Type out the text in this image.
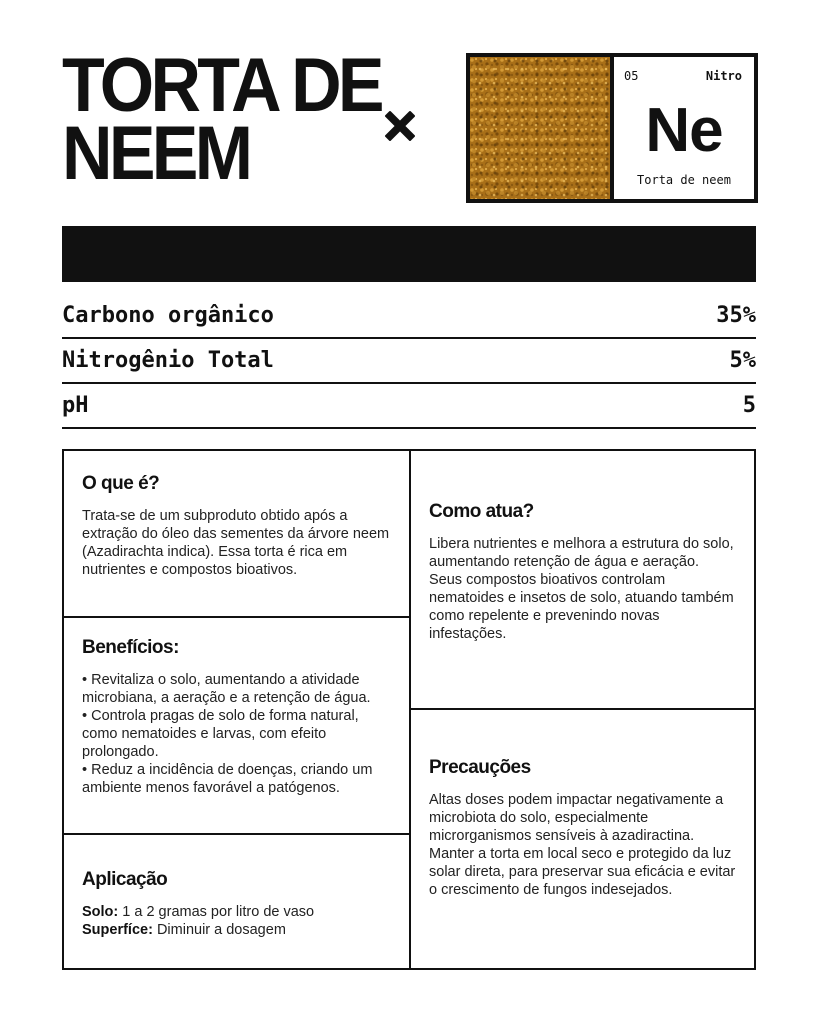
TORTA DE
NEEM
05	Nitro
Ne
Torta de neem
Carbono orgânico	35%
Nitrogênio Total	5%
pH	5
O que é?

Trata-se de um subproduto obtido após a extração do óleo das sementes da árvore neem (Azadirachta indica). Essa torta é rica em nutrientes e compostos bioativos.

Benefícios:

• Revitaliza o solo, aumentando a atividade microbiana, a aeração e a retenção de água.

• Controla pragas de solo de forma natural, como nematoides e larvas, com efeito prolongado.

• Reduz a incidência de doenças, criando um ambiente menos favorável a patógenos.

Aplicação

Solo: 1 a 2 gramas por litro de vaso

Superfíce: Diminuir a dosagem

Como atua?

Libera nutrientes e melhora a estrutura do solo, aumentando retenção de água e aeração.

Seus compostos bioativos controlam nematoides e insetos de solo, atuando também como repelente e prevenindo novas infestações.

Precauções

Altas doses podem impactar negativamente a microbiota do solo, especialmente microrganismos sensíveis à azadiractina.

Manter a torta em local seco e protegido da luz solar direta, para preservar sua eficácia e evitar o crescimento de fungos indesejados.
